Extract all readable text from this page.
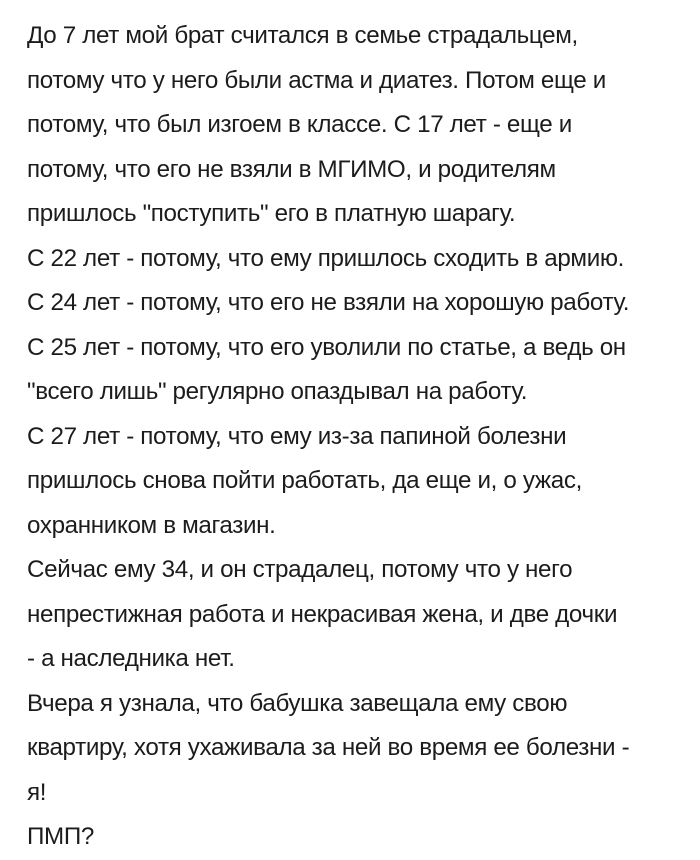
До 7 лет мой брат считался в семье страдальцем,
потому что у него были астма и диатез. Потом еще и
потому, что был изгоем в классе. С 17 лет - еще и
потому, что его не взяли в МГИМО, и родителям
пришлось "поступить" его в платную шарагу.
С 22 лет - потому, что ему пришлось сходить в армию.
С 24 лет - потому, что его не взяли на хорошую работу.
С 25 лет - потому, что его уволили по статье, а ведь он
"всего лишь" регулярно опаздывал на работу.
С 27 лет - потому, что ему из-за папиной болезни
пришлось снова пойти работать, да еще и, о ужас,
охранником в магазин.
Сейчас ему 34, и он страдалец, потому что у него
непрестижная работа и некрасивая жена, и две дочки
- а наследника нет.
Вчера я узнала, что бабушка завещала ему свою
квартиру, хотя ухаживала за ней во время ее болезни -
я!
ПМП?
